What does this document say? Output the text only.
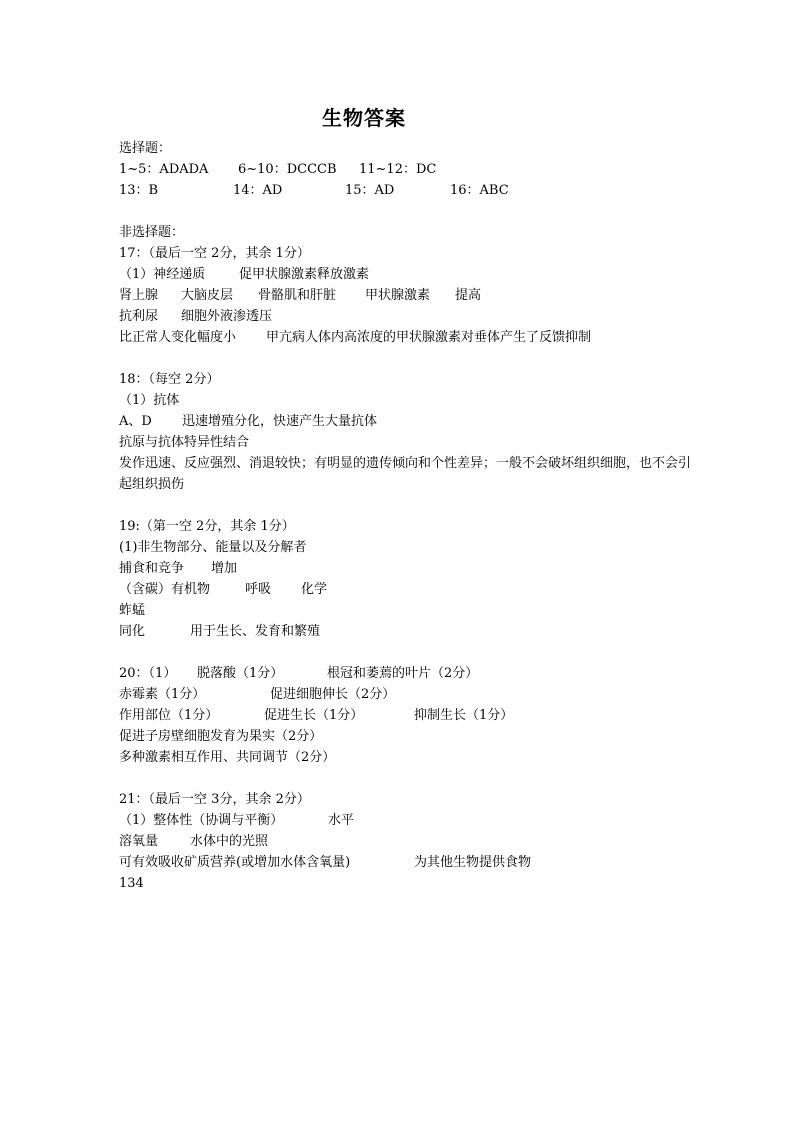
生物答案
选择题：
1~5：ADADA 6~10：DCCCB 11~12：DC
13：B	14：AD	15：AD	16：ABC
非选择题：
17：（最后一空 2分，其余 1分）
（1）神经递质	促甲状腺激素释放激素
肾上腺 大脑皮层 骨骼肌和肝脏 甲状腺激素 提高
抗利尿 细胞外液渗透压
比正常人变化幅度小 甲亢病人体内高浓度的甲状腺激素对垂体产生了反馈抑制
18：（每空 2分）
（1）抗体
A、D 迅速增殖分化，快速产生大量抗体
抗原与抗体特异性结合
发作迅速、反应强烈、消退较快；有明显的遗传倾向和个性差异；一般不会破坏组织细胞，也不会引起组织损伤
19:（第一空 2分，其余 1分）
(1)非生物部分、能量以及分解者
捕食和竞争 增加
（含碳）有机物	呼吸 化学
蚱蜢
同化	用于生长、发育和繁殖
20：（1） 脱落酸（1分）	根冠和萎蔫的叶片（2分）
赤霉素（1分）	促进细胞伸长（2分）
作用部位（1分）	促进生长（1分）	抑制生长（1分）
促进子房壁细胞发育为果实（2分）
多种激素相互作用、共同调节（2分）
21：（最后一空 3分，其余 2分）
（1）整体性（协调与平衡）	水平
溶氧量 水体中的光照
可有效吸收矿质营养(或增加水体含氧量)	为其他生物提供食物
134
